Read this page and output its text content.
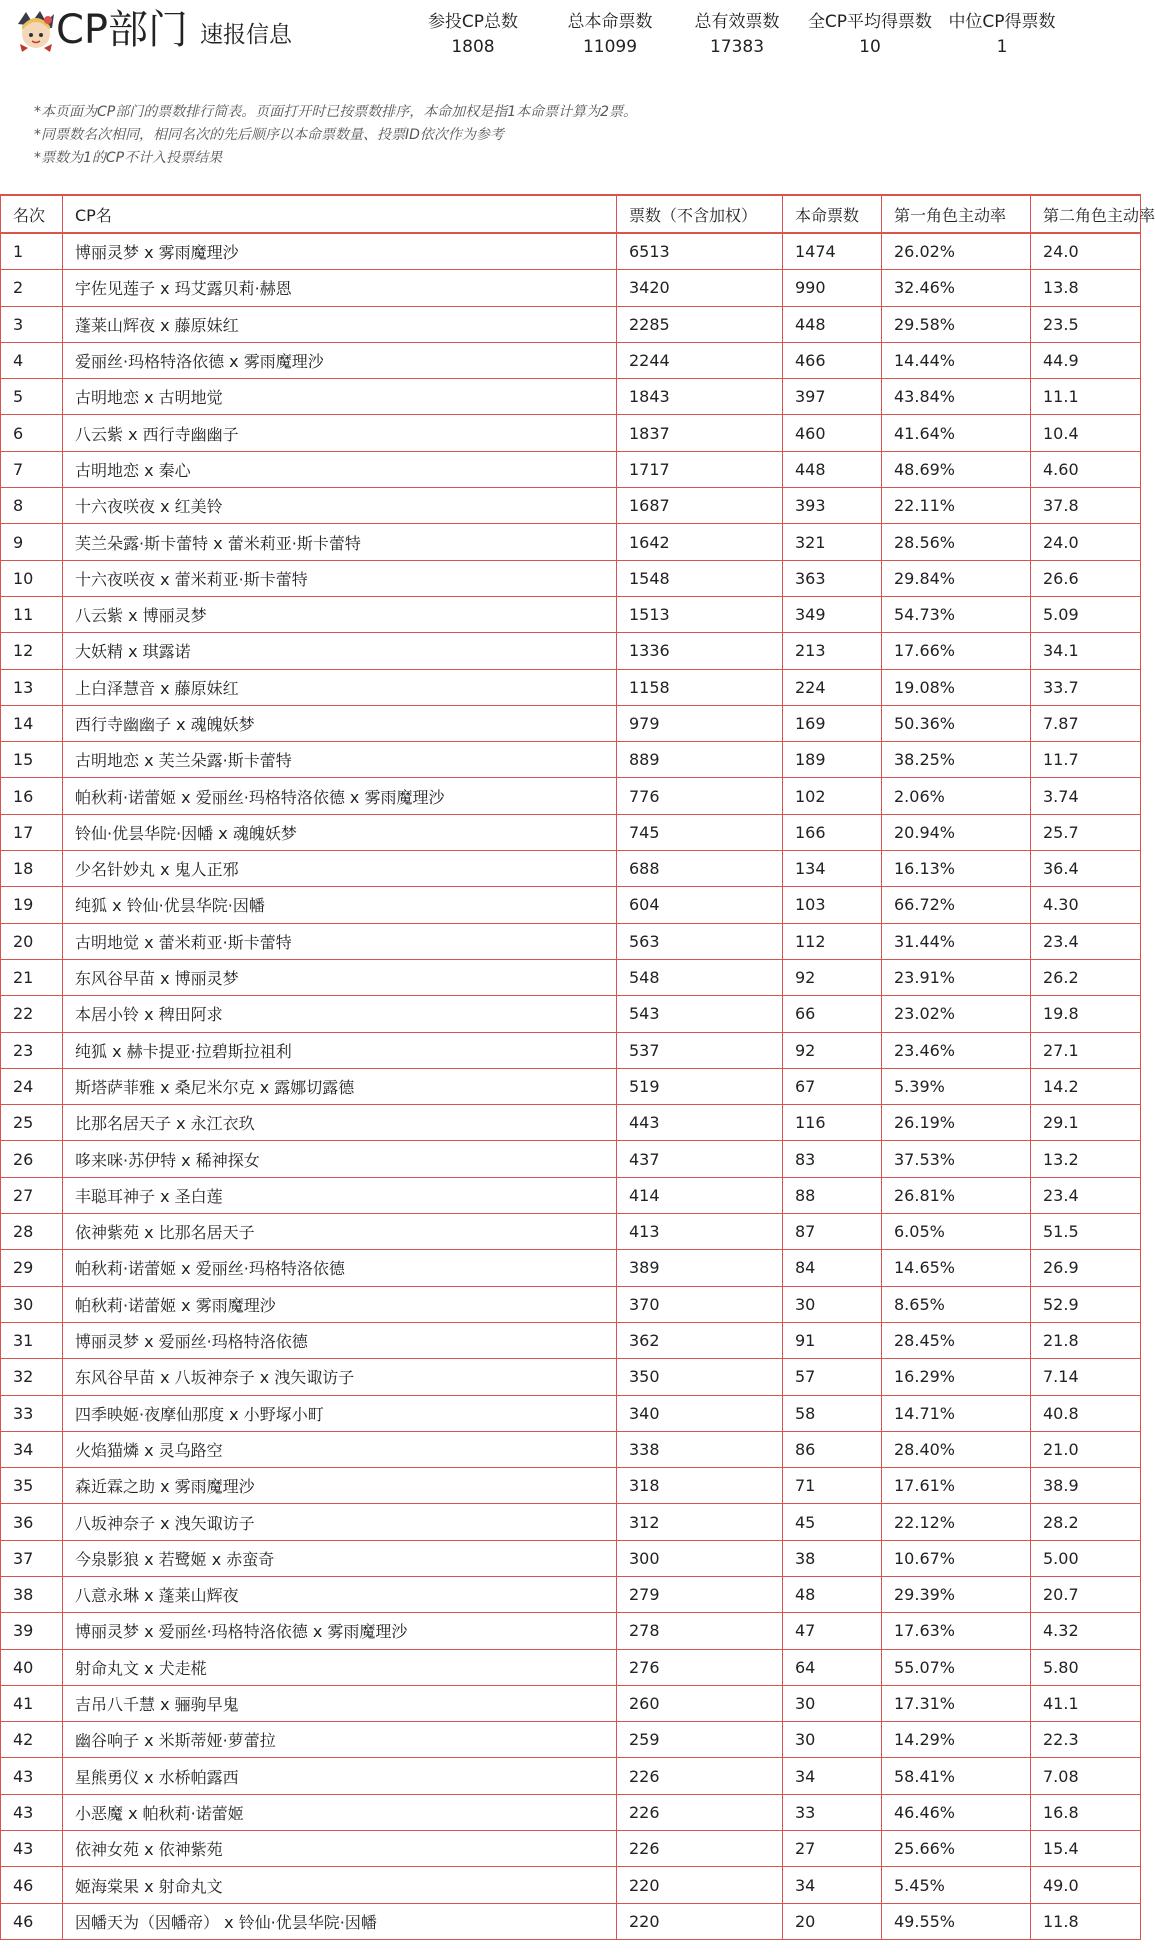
CP部门 速报信息	参投CP总数
1808
总本命票数
11099
总有效票数
17383
全CP平均得票数
10
中位CP得票数
1
*本页面为CP部门的票数排行简表。页面打开时已按票数排序，本命加权是指1本命票计算为2票。
*同票数名次相同，相同名次的先后顺序以本命票数量、投票ID依次作为参考
*票数为1的CP不计入投票结果
名次	CP名	票数（不含加权）	本命票数	第一角色主动率	第二角色主动率
1	博丽灵梦 x 雾雨魔理沙	6513	1474	26.02%	24.0
2	宇佐见莲子 x 玛艾露贝莉·赫恩	3420	990	32.46%	13.8
3	蓬莱山辉夜 x 藤原妹红	2285	448	29.58%	23.5
4	爱丽丝·玛格特洛依德 x 雾雨魔理沙	2244	466	14.44%	44.9
5	古明地恋 x 古明地觉	1843	397	43.84%	11.1
6	八云紫 x 西行寺幽幽子	1837	460	41.64%	10.4
7	古明地恋 x 秦心	1717	448	48.69%	4.60
8	十六夜咲夜 x 红美铃	1687	393	22.11%	37.8
9	芙兰朵露·斯卡蕾特 x 蕾米莉亚·斯卡蕾特	1642	321	28.56%	24.0
10	十六夜咲夜 x 蕾米莉亚·斯卡蕾特	1548	363	29.84%	26.6
11	八云紫 x 博丽灵梦	1513	349	54.73%	5.09
12	大妖精 x 琪露诺	1336	213	17.66%	34.1
13	上白泽慧音 x 藤原妹红	1158	224	19.08%	33.7
14	西行寺幽幽子 x 魂魄妖梦	979	169	50.36%	7.87
15	古明地恋 x 芙兰朵露·斯卡蕾特	889	189	38.25%	11.7
16	帕秋莉·诺蕾姬 x 爱丽丝·玛格特洛依德 x 雾雨魔理沙	776	102	2.06%	3.74
17	铃仙·优昙华院·因幡 x 魂魄妖梦	745	166	20.94%	25.7
18	少名针妙丸 x 鬼人正邪	688	134	16.13%	36.4
19	纯狐 x 铃仙·优昙华院·因幡	604	103	66.72%	4.30
20	古明地觉 x 蕾米莉亚·斯卡蕾特	563	112	31.44%	23.4
21	东风谷早苗 x 博丽灵梦	548	92	23.91%	26.2
22	本居小铃 x 稗田阿求	543	66	23.02%	19.8
23	纯狐 x 赫卡提亚·拉碧斯拉祖利	537	92	23.46%	27.1
24	斯塔萨菲雅 x 桑尼米尔克 x 露娜切露德	519	67	5.39%	14.2
25	比那名居天子 x 永江衣玖	443	116	26.19%	29.1
26	哆来咪·苏伊特 x 稀神探女	437	83	37.53%	13.2
27	丰聪耳神子 x 圣白莲	414	88	26.81%	23.4
28	依神紫苑 x 比那名居天子	413	87	6.05%	51.5
29	帕秋莉·诺蕾姬 x 爱丽丝·玛格特洛依德	389	84	14.65%	26.9
30	帕秋莉·诺蕾姬 x 雾雨魔理沙	370	30	8.65%	52.9
31	博丽灵梦 x 爱丽丝·玛格特洛依德	362	91	28.45%	21.8
32	东风谷早苗 x 八坂神奈子 x 洩矢诹访子	350	57	16.29%	7.14
33	四季映姬·夜摩仙那度 x 小野塚小町	340	58	14.71%	40.8
34	火焰猫燐 x 灵乌路空	338	86	28.40%	21.0
35	森近霖之助 x 雾雨魔理沙	318	71	17.61%	38.9
36	八坂神奈子 x 洩矢诹访子	312	45	22.12%	28.2
37	今泉影狼 x 若鹭姬 x 赤蛮奇	300	38	10.67%	5.00
38	八意永琳 x 蓬莱山辉夜	279	48	29.39%	20.7
39	博丽灵梦 x 爱丽丝·玛格特洛依德 x 雾雨魔理沙	278	47	17.63%	4.32
40	射命丸文 x 犬走椛	276	64	55.07%	5.80
41	吉吊八千慧 x 骊驹早鬼	260	30	17.31%	41.1
42	幽谷响子 x 米斯蒂娅·萝蕾拉	259	30	14.29%	22.3
43	星熊勇仪 x 水桥帕露西	226	34	58.41%	7.08
43	小恶魔 x 帕秋莉·诺蕾姬	226	33	46.46%	16.8
43	依神女苑 x 依神紫苑	226	27	25.66%	15.4
46	姬海棠果 x 射命丸文	220	34	5.45%	49.0
46	因幡天为（因幡帝） x 铃仙·优昙华院·因幡	220	20	49.55%	11.8
